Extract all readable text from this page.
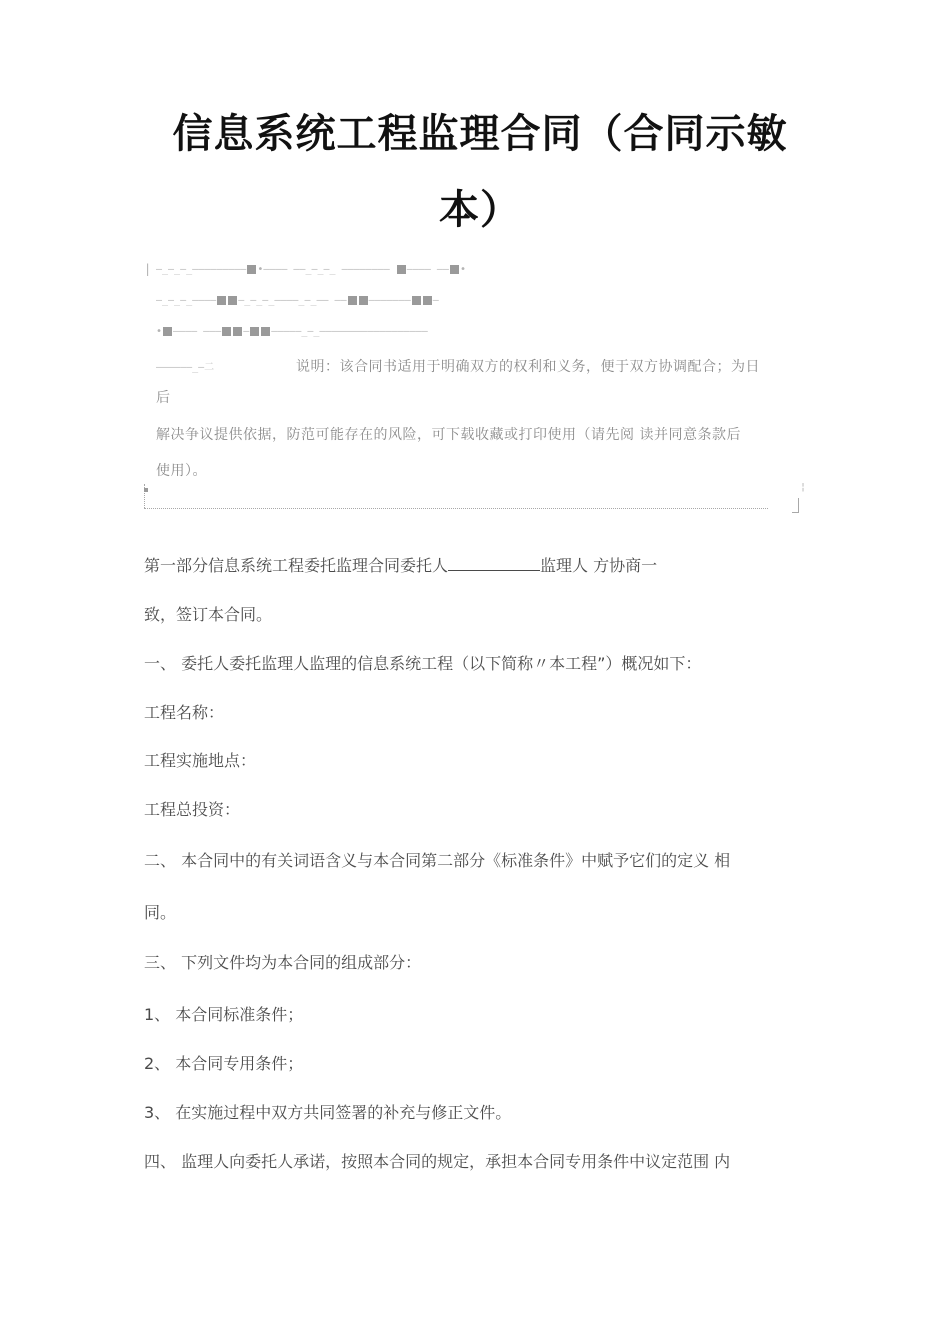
信息系统工程监理合同（合同示敏
本）
| —_—_—_————————— •———— ——_—_—_ ———————— ———— —— •
—_—_—_———— —_—_—_————_—_—— —— ——————— —
• ———— ——— — —————_—_——————————————————
——————_—二	说明：该合同书适用于明确双方的权利和义务，便于双方协调配合；为日
后
解决争议提供依据，防范可能存在的风险，可下载收藏或打印使用（请先阅 读并同意条款后
使用）。
¦

第一部分信息系统工程委托监理合同委托人	监理人 方协商一

致，签订本合同。

一、 委托人委托监理人监理的信息系统工程（以下简称〃本工程”）概况如下：

工程名称：

工程实施地点：

工程总投资：

二、 本合同中的有关词语含义与本合同第二部分《标准条件》中赋予它们的定义 相

同。

三、 下列文件均为本合同的组成部分：

1、 本合同标准条件；

2、 本合同专用条件；

3、 在实施过程中双方共同签署的补充与修正文件。

四、 监理人向委托人承诺，按照本合同的规定，承担本合同专用条件中议定范围 内
